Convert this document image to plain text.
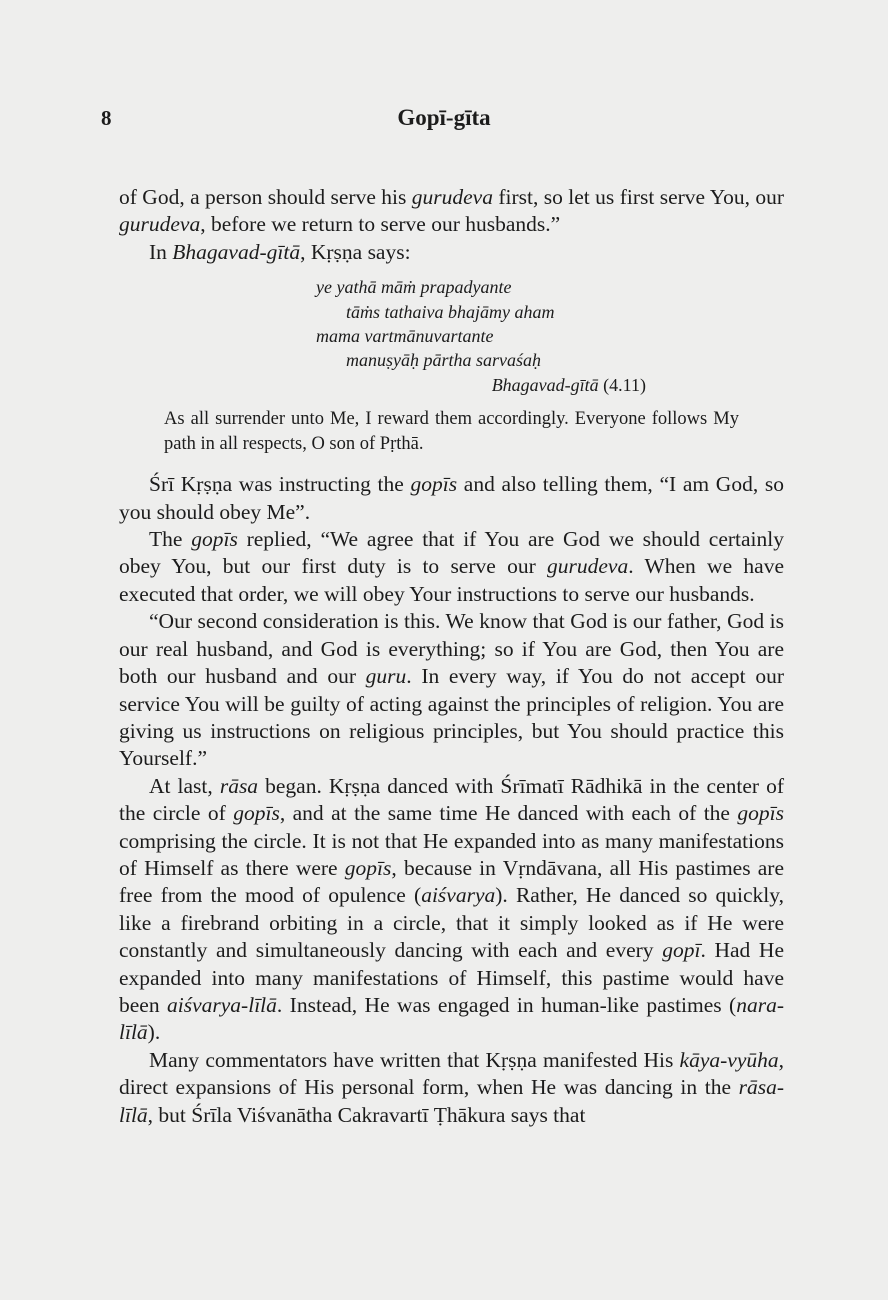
8	Gopī-gīta

of God, a person should serve his gurudeva first, so let us first serve You, our gurudeva, before we return to serve our husbands.”

In Bhagavad-gītā, Kṛṣṇa says:

ye yathā māṁ prapadyante
tāṁs tathaiva bhajāmy aham
mama vartmānuvartante
manuṣyāḥ pārtha sarvaśaḥ
Bhagavad-gītā (4.11)
As all surrender unto Me, I reward them accordingly. Everyone follows My path in all respects, O son of Pṛthā.

Śrī Kṛṣṇa was instructing the gopīs and also telling them, “I am God, so you should obey Me”.

The gopīs replied, “We agree that if You are God we should certainly obey You, but our first duty is to serve our gurudeva. When we have executed that order, we will obey Your instructions to serve our husbands.

“Our second consideration is this. We know that God is our father, God is our real husband, and God is everything; so if You are God, then You are both our husband and our guru. In every way, if You do not accept our service You will be guilty of acting against the principles of religion. You are giving us instructions on religious principles, but You should practice this Yourself.”

At last, rāsa began. Kṛṣṇa danced with Śrīmatī Rādhikā in the center of the circle of gopīs, and at the same time He danced with each of the gopīs comprising the circle. It is not that He expanded into as many manifestations of Himself as there were gopīs, because in Vṛndāvana, all His pastimes are free from the mood of opulence (aiśvarya). Rather, He danced so quickly, like a firebrand orbiting in a circle, that it simply looked as if He were constantly and simultaneously dancing with each and every gopī. Had He expanded into many manifestations of Himself, this pastime would have been aiśvarya-līlā. Instead, He was engaged in human-like pastimes (nara-līlā).

Many commentators have written that Kṛṣṇa manifested His kāya-vyūha, direct expansions of His personal form, when He was dancing in the rāsa-līlā, but Śrīla Viśvanātha Cakravartī Ṭhākura says that
